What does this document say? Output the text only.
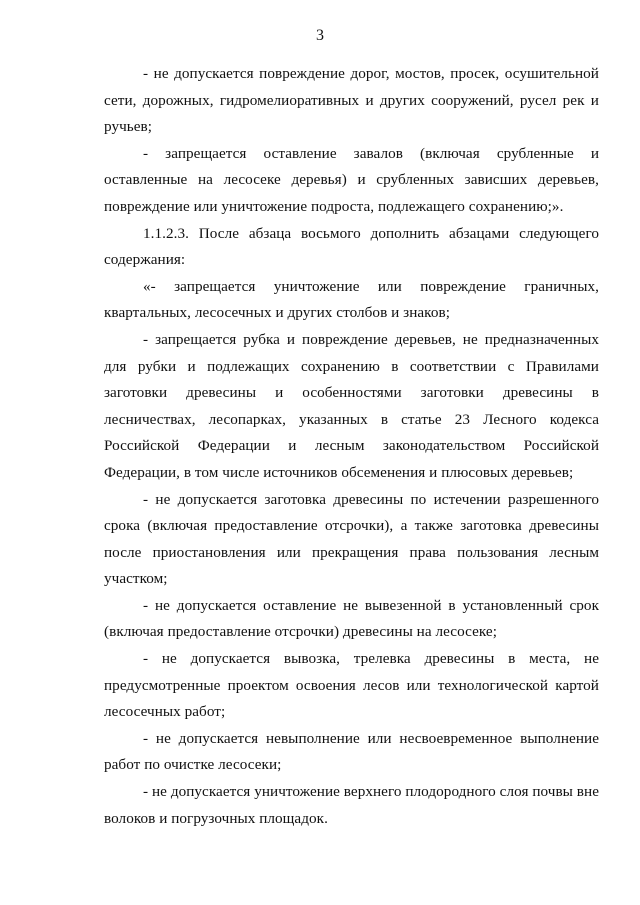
3

- не допускается повреждение дорог, мостов, просек, осушительной сети, дорожных, гидромелиоративных и других сооружений, русел рек и ручьев;

- запрещается оставление завалов (включая срубленные и оставленные на лесосеке деревья) и срубленных зависших деревьев, повреждение или уничтожение подроста, подлежащего сохранению;».

1.1.2.3. После абзаца восьмого дополнить абзацами следующего содержания:

«- запрещается уничтожение или повреждение граничных, квартальных, лесосечных и других столбов и знаков;

- запрещается рубка и повреждение деревьев, не предназначенных для рубки и подлежащих сохранению в соответствии с Правилами заготовки древесины и особенностями заготовки древесины в лесничествах, лесопарках, указанных в статье 23 Лесного кодекса Российской Федерации и лесным законодательством Российской Федерации, в том числе источников обсеменения и плюсовых деревьев;

- не допускается заготовка древесины по истечении разрешенного срока (включая предоставление отсрочки), а также заготовка древесины после приостановления или прекращения права пользования лесным участком;

- не допускается оставление не вывезенной в установленный срок (включая предоставление отсрочки) древесины на лесосеке;

- не допускается вывозка, трелевка древесины в места, не предусмотренные проектом освоения лесов или технологической картой лесосечных работ;

- не допускается невыполнение или несвоевременное выполнение работ по очистке лесосеки;

- не допускается уничтожение верхнего плодородного слоя почвы вне волоков и погрузочных площадок.
